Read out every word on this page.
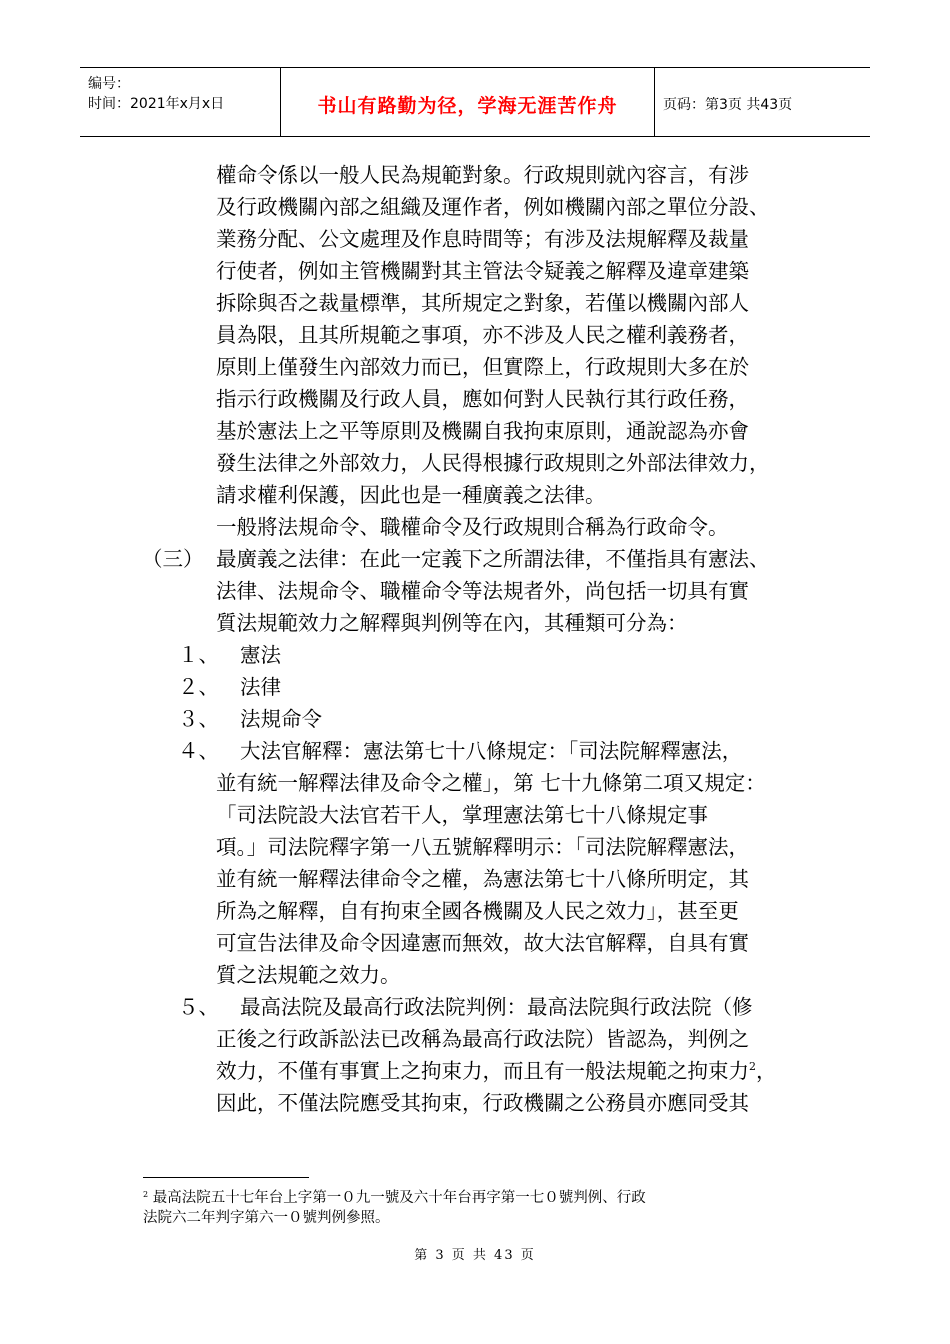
编号：
时间：2021年x月x日	书山有路勤为径，学海无涯苦作舟	页码：第3页 共43页
權命令係以一般人民為規範對象。行政規則就內容言，有涉
及行政機關內部之組織及運作者，例如機關內部之單位分設、
業務分配、公文處理及作息時間等；有涉及法規解釋及裁量
行使者，例如主管機關對其主管法令疑義之解釋及違章建築
拆除與否之裁量標準，其所規定之對象，若僅以機關內部人
員為限，且其所規範之事項，亦不涉及人民之權利義務者，
原則上僅發生內部效力而已，但實際上，行政規則大多在於
指示行政機關及行政人員，應如何對人民執行其行政任務，
基於憲法上之平等原則及機關自我拘束原則，通說認為亦會
發生法律之外部效力，人民得根據行政規則之外部法律效力，
請求權利保護，因此也是一種廣義之法律。
一般將法規命令、職權命令及行政規則合稱為行政命令。
（三） 最廣義之法律：在此一定義下之所謂法律，不僅指具有憲法、
法律、法規命令、職權命令等法規者外，尚包括一切具有實
質法規範效力之解釋與判例等在內，其種類可分為：
１、 憲法
２、 法律
３、 法規命令
４、 大法官解釋：憲法第七十八條規定：「司法院解釋憲法，
並有統一解釋法律及命令之權」，第 七十九條第二項又規定：
「司法院設大法官若干人，掌理憲法第七十八條規定事
項。」司法院釋字第一八五號解釋明示：「司法院解釋憲法，
並有統一解釋法律命令之權，為憲法第七十八條所明定，其
所為之解釋，自有拘束全國各機關及人民之效力」，甚至更
可宣告法律及命令因違憲而無效，故大法官解釋，自具有實
質之法規範之效力。
５、 最高法院及最高行政法院判例：最高法院與行政法院（修
正後之行政訴訟法已改稱為最高行政法院）皆認為，判例之
效力，不僅有事實上之拘束力，而且有一般法規範之拘束力$^2$，
因此，不僅法院應受其拘束，行政機關之公務員亦應同受其
$^2$ 最高法院五十七年台上字第一０九一號及六十年台再字第一七０號判例、行政
法院六二年判字第六一０號判例參照。
第 3 页 共 43 页
